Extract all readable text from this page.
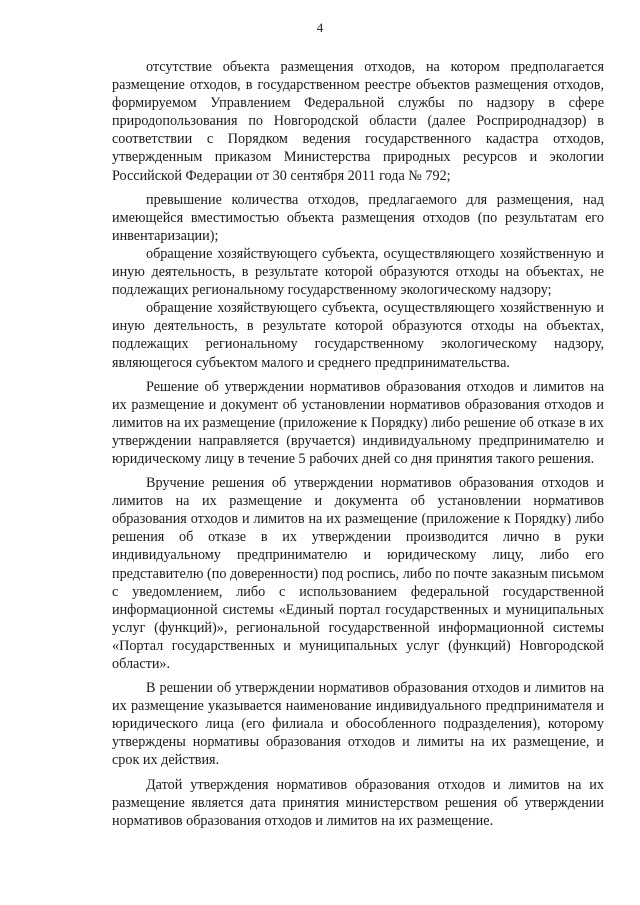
4

отсутствие объекта размещения отходов, на котором предполагается размещение отходов, в государственном реестре объектов размещения отходов, формируемом Управлением Федеральной службы по надзору в сфере природопользования по Новгородской области (далее Росприроднадзор) в соответствии с Порядком ведения государственного кадастра отходов, утвержденным приказом Министерства природных ресурсов и экологии Российской Федерации от 30 сентября 2011 года № 792;

превышение количества отходов, предлагаемого для размещения, над имеющейся вместимостью объекта размещения отходов (по результатам его инвентаризации);

обращение хозяйствующего субъекта, осуществляющего хозяйственную и иную деятельность, в результате которой образуются отходы на объектах, не подлежащих региональному государственному экологическому надзору;

обращение хозяйствующего субъекта, осуществляющего хозяйственную и иную деятельность, в результате которой образуются отходы на объектах, подлежащих региональному государственному экологическому надзору, являющегося субъектом малого и среднего предпринимательства.

Решение об утверждении нормативов образования отходов и лимитов на их размещение и документ об установлении нормативов образования отходов и лимитов на их размещение (приложение к Порядку) либо решение об отказе в их утверждении направляется (вручается) индивидуальному предпринимателю и юридическому лицу в течение 5 рабочих дней со дня принятия такого решения.

Вручение решения об утверждении нормативов образования отходов и лимитов на их размещение и документа об установлении нормативов образования отходов и лимитов на их размещение (приложение к Порядку) либо решения об отказе в их утверждении производится лично в руки индивидуальному предпринимателю и юридическому лицу, либо его представителю (по доверенности) под роспись, либо по почте заказным письмом с уведомлением, либо с использованием федеральной государственной информационной системы «Единый портал государственных и муниципальных услуг (функций)», региональной государственной информационной системы «Портал государственных и муниципальных услуг (функций) Новгородской области».

В решении об утверждении нормативов образования отходов и лимитов на их размещение указывается наименование индивидуального предпринимателя и юридического лица (его филиала и обособленного подразделения), которому утверждены нормативы образования отходов и лимиты на их размещение, и срок их действия.

Датой утверждения нормативов образования отходов и лимитов на их размещение является дата принятия министерством решения об утверждении нормативов образования отходов и лимитов на их размещение.
